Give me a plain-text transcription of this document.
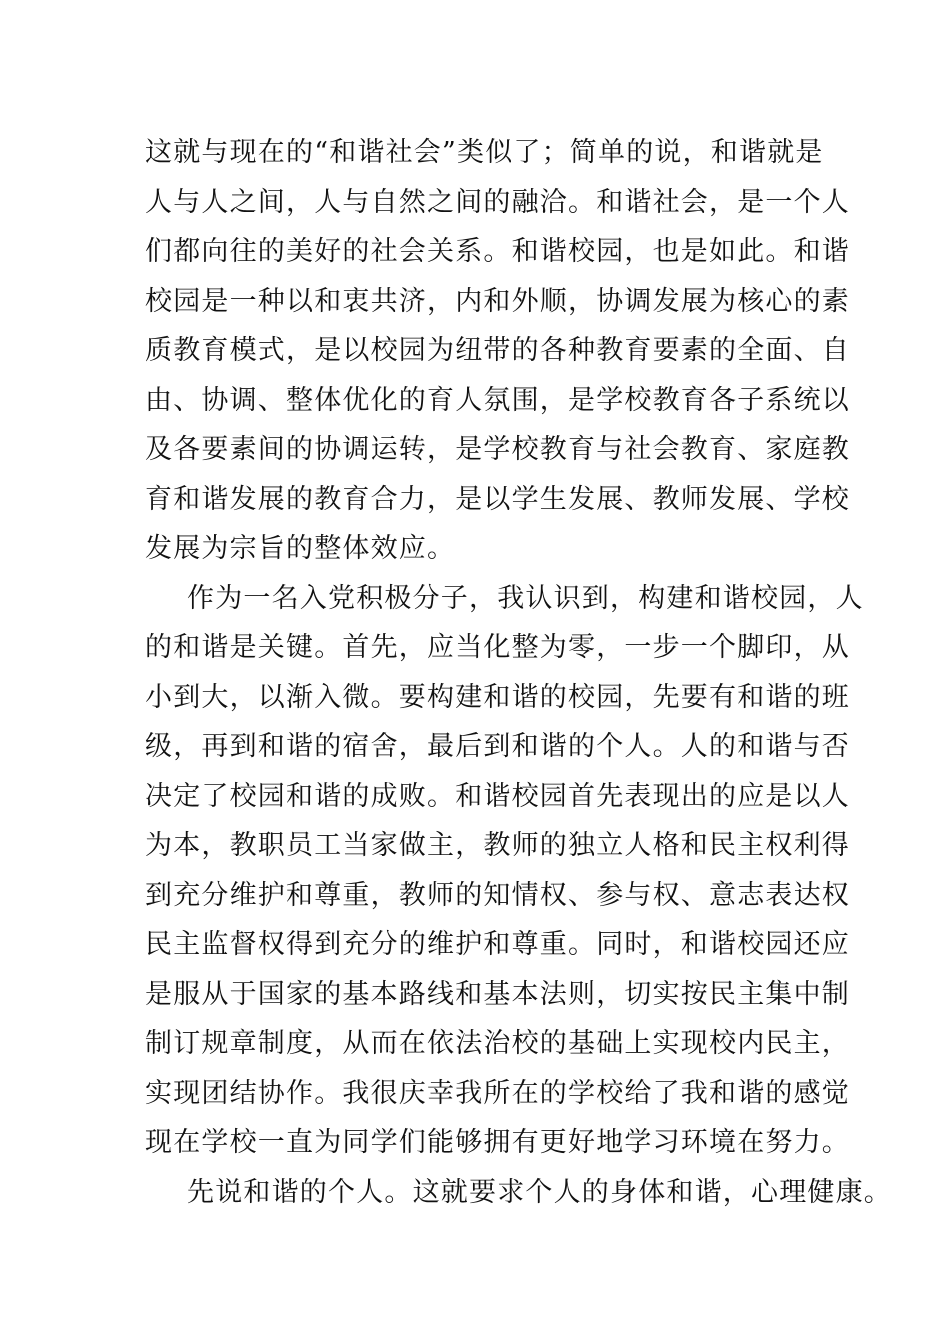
这就与现在的“和谐社会”类似了；简单的说，和谐就是
人与人之间，人与自然之间的融洽。和谐社会，是一个人
们都向往的美好的社会关系。和谐校园，也是如此。和谐
校园是一种以和衷共济，内和外顺，协调发展为核心的素
质教育模式，是以校园为纽带的各种教育要素的全面、自
由、协调、整体优化的育人氛围，是学校教育各子系统以
及各要素间的协调运转，是学校教育与社会教育、家庭教
育和谐发展的教育合力，是以学生发展、教师发展、学校
发展为宗旨的整体效应。
作为一名入党积极分子，我认识到，构建和谐校园，人
的和谐是关键。首先，应当化整为零，一步一个脚印，从
小到大，以渐入微。要构建和谐的校园，先要有和谐的班
级，再到和谐的宿舍，最后到和谐的个人。人的和谐与否
决定了校园和谐的成败。和谐校园首先表现出的应是以人
为本，教职员工当家做主，教师的独立人格和民主权利得
到充分维护和尊重，教师的知情权、参与权、意志表达权
民主监督权得到充分的维护和尊重。同时，和谐校园还应
是服从于国家的基本路线和基本法则，切实按民主集中制
制订规章制度，从而在依法治校的基础上实现校内民主，
实现团结协作。我很庆幸我所在的学校给了我和谐的感觉
现在学校一直为同学们能够拥有更好地学习环境在努力。
先说和谐的个人。这就要求个人的身体和谐，心理健康。
